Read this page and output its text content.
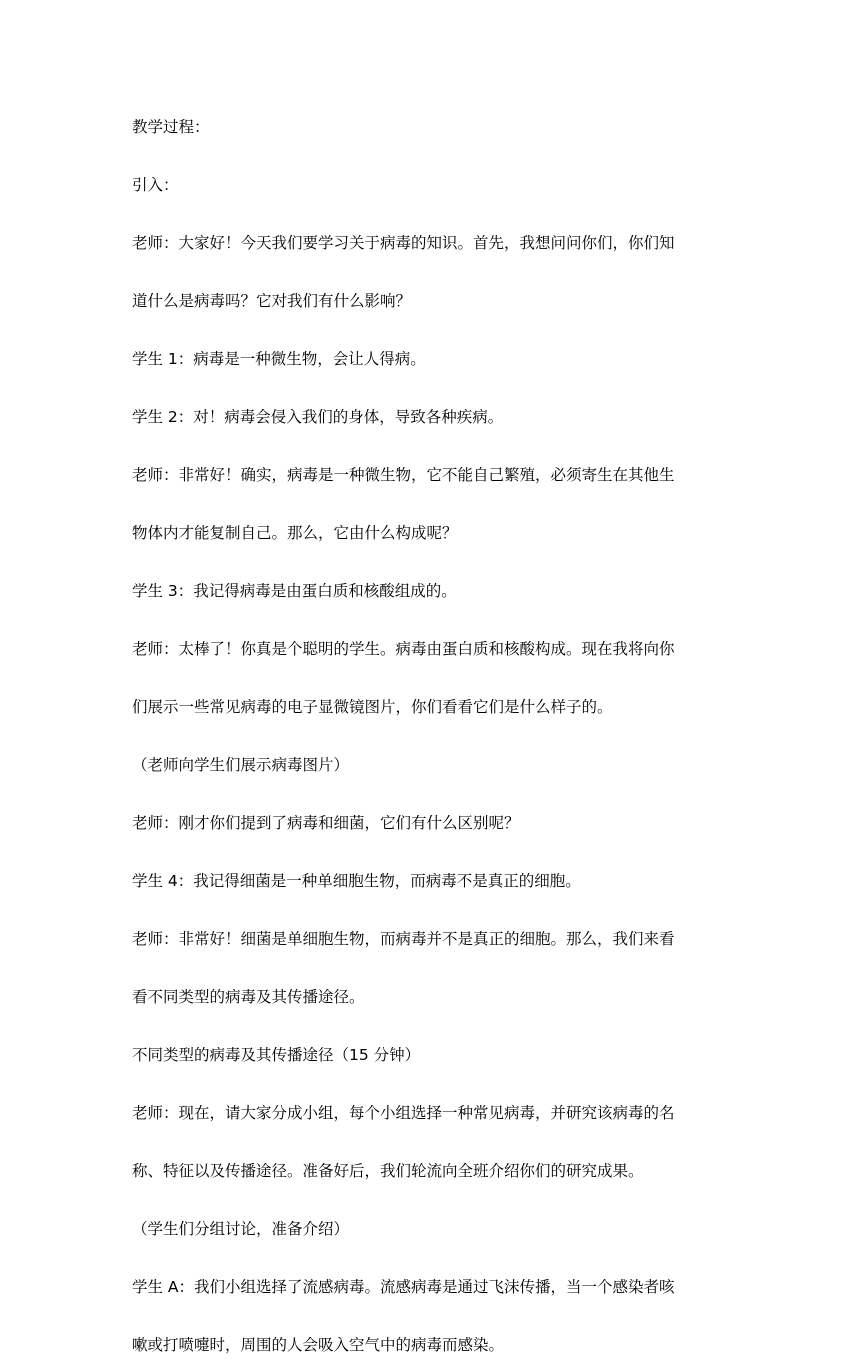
教学过程：
引入：
老师：大家好！今天我们要学习关于病毒的知识。首先，我想问问你们，你们知
道什么是病毒吗？它对我们有什么影响？
学生 1：病毒是一种微生物，会让人得病。
学生 2：对！病毒会侵入我们的身体，导致各种疾病。
老师：非常好！确实，病毒是一种微生物，它不能自己繁殖，必须寄生在其他生
物体内才能复制自己。那么，它由什么构成呢？
学生 3：我记得病毒是由蛋白质和核酸组成的。
老师：太棒了！你真是个聪明的学生。病毒由蛋白质和核酸构成。现在我将向你
们展示一些常见病毒的电子显微镜图片，你们看看它们是什么样子的。
（老师向学生们展示病毒图片）
老师：刚才你们提到了病毒和细菌，它们有什么区别呢？
学生 4：我记得细菌是一种单细胞生物，而病毒不是真正的细胞。
老师：非常好！细菌是单细胞生物，而病毒并不是真正的细胞。那么，我们来看
看不同类型的病毒及其传播途径。
不同类型的病毒及其传播途径（15 分钟）
老师：现在，请大家分成小组，每个小组选择一种常见病毒，并研究该病毒的名
称、特征以及传播途径。准备好后，我们轮流向全班介绍你们的研究成果。
（学生们分组讨论，准备介绍）
学生 A：我们小组选择了流感病毒。流感病毒是通过飞沫传播，当一个感染者咳
嗽或打喷嚏时，周围的人会吸入空气中的病毒而感染。
